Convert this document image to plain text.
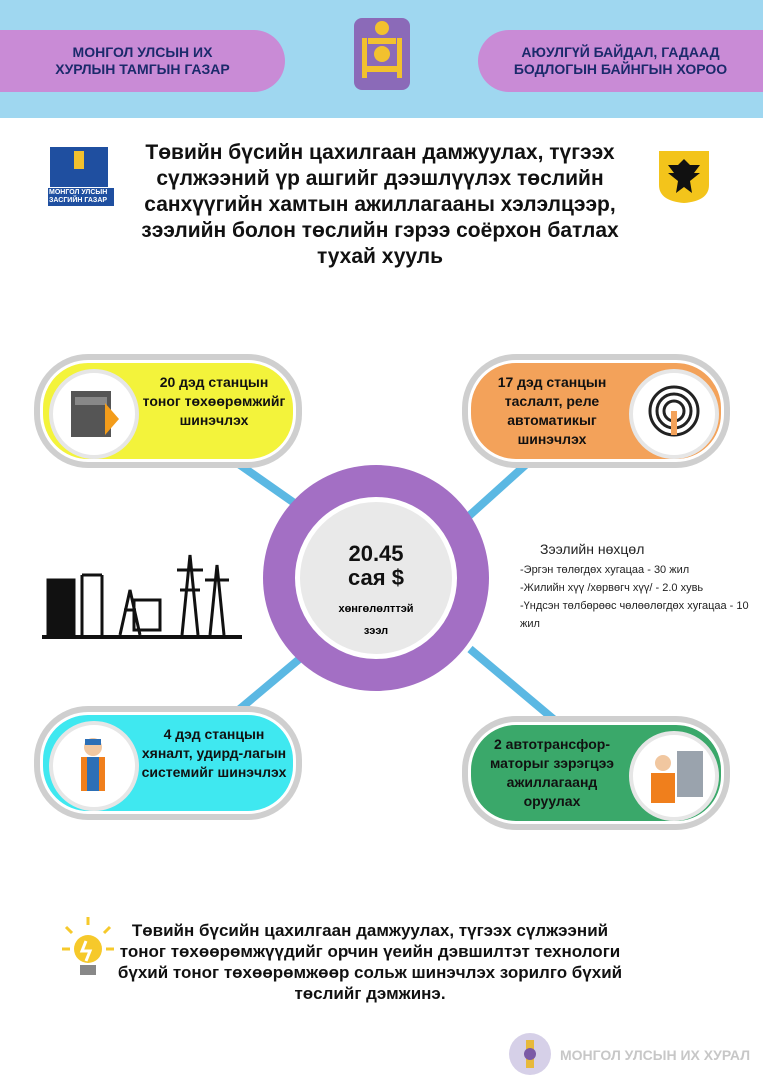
МОНГОЛ УЛСЫН ИХ ХУРЛЫН ТАМГЫН ГАЗАР
АЮУЛГҮЙ БАЙДАЛ, ГАДААД БОДЛОГЫН БАЙНГЫН ХОРОО
МОНГОЛ УЛСЫН ЗАСГИЙН ГАЗАР
Төвийн бүсийн цахилгаан дамжуулах, түгээх сүлжээний үр ашгийг дээшлүүлэх төслийн санхүүгийн хамтын ажиллагааны хэлэлцээр, зээлийн болон төслийн гэрээ соёрхон батлах тухай хууль
20 дэд станцын тоног төхөөрөмжийг шинэчлэх
17 дэд станцын таслалт, реле автоматикыг шинэчлэх
4 дэд станцын хяналт, удирд-лагын системийг шинэчлэх
2 автотрансфор-маторыг зэрэгцээ ажиллагаанд оруулах
20.45
сая $
хөнгөлөлттэй зээл
Зээлийн нөхцөл
-Эргэн төлөгдөх хугацаа - 30 жил
-Жилийн хүү /хөрвөгч хүү/ - 2.0 хувь
-Үндсэн төлбөрөөс чөлөөлөгдөх хугацаа - 10 жил
Төвийн бүсийн цахилгаан дамжуулах, түгээх сүлжээний тоног төхөөрөмжүүдийг орчин үеийн дэвшилтэт технологи бүхий тоног төхөөрөмжөөр сольж шинэчлэх зорилго бүхий төслийг дэмжинэ.
МОНГОЛ УЛСЫН ИХ ХУРАЛ
